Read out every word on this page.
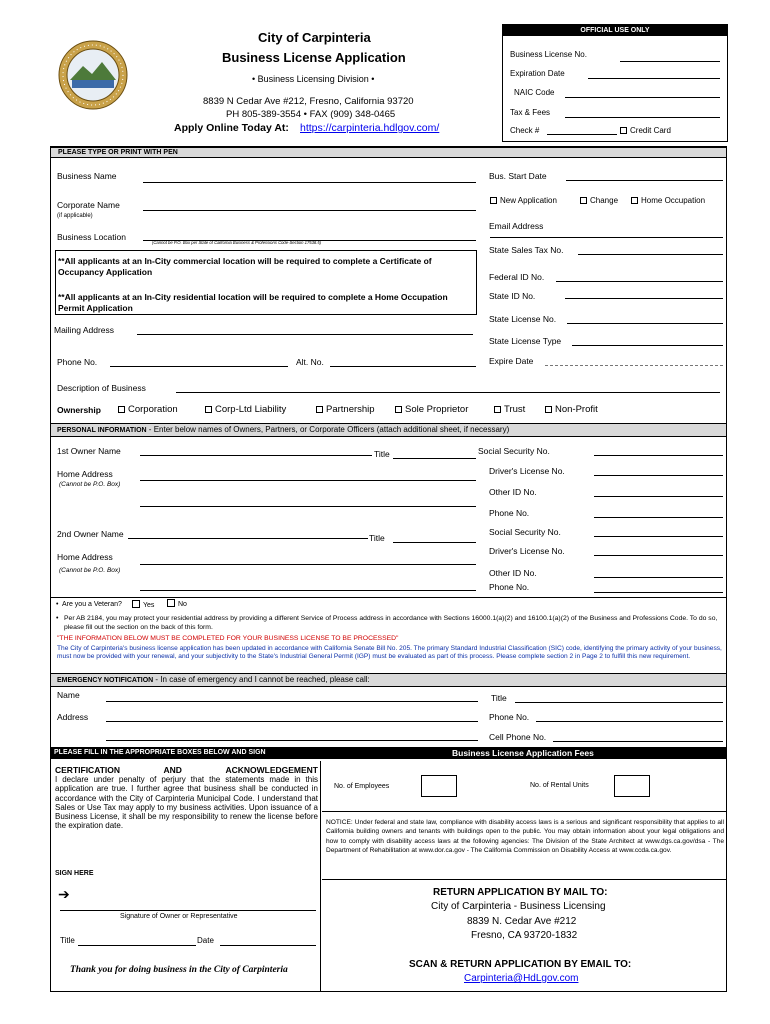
City of Carpinteria
Business License Application
• Business Licensing Division •
8839 N Cedar Ave #212, Fresno, California 93720
PH 805-389-3554 • FAX (909) 348-0465
Apply Online Today At: https://carpinteria.hdlgov.com/
OFFICIAL USE ONLY
Business License No.
Expiration Date
NAIC Code
Tax & Fees
Check #	Credit Card
PLEASE TYPE OR PRINT WITH PEN
Business Name
Corporate Name
(if applicable)
Business Location
(Cannot be P.O. Box per State of California Business & Professions Code-Section 17538.5)
**All applicants at an In-City commercial location will be required to complete a Certificate of Occupancy Application
**All applicants at an In-City residential location will be required to complete a Home Occupation Permit Application
Mailing Address
Phone No.	Alt. No.
Description of Business
Ownership	Corporation	Corp-Ltd Liability	Partnership	Sole Proprietor	Trust	Non-Profit
Bus. Start Date
New Application	Change	Home Occupation
Email Address
State Sales Tax No.
Federal ID No.
State ID No.
State License No.
State License Type
Expire Date
PERSONAL INFORMATION - Enter below names of Owners, Partners, or Corporate Officers (attach additional sheet, if necessary)
1st Owner Name	Title
Home Address
(Cannot be P.O. Box)
2nd Owner Name	Title
Home Address
(Cannot be P.O. Box)
Social Security No.
Driver's License No.
Other ID No.
Phone No.
Social Security No.
Driver's License No.
Other ID No.
Phone No.
•  Are you a Veteran?	Yes	No
• Per AB 2184, you may protect your residential address by providing a different Service of Process address in accordance with Sections 16000.1(a)(2) and 16100.1(a)(2) of the Business and Professions Code. To do so, please fill out the section on the back of this form.
"THE INFORMATION BELOW MUST BE COMPLETED FOR YOUR BUSINESS LICENSE TO BE PROCESSED"
The City of Carpinteria's business license application has been updated in accordance with California Senate Bill No. 205. The primary Standard Industrial Classification (SIC) code, identifying the primary activity of your business, must now be provided with your renewal, and your subjectivity to the State's Industrial General Permit (IGP) must be evaluated as part of this process. Please complete section 2 in Page 2 to fulfill this new requirement.
EMERGENCY NOTIFICATION - In case of emergency and I cannot be reached, please call:
Name	Title
Address	Phone No.
Cell Phone No.
PLEASE FILL IN THE APPROPRIATE BOXES BELOW AND SIGN	Business License Application Fees
CERTIFICATION AND ACKNOWLEDGEMENT
I declare under penalty of perjury that the statements made in this application are true. I further agree that business shall be conducted in accordance with the City of Carpinteria Municipal Code. I understand that Sales or Use Tax may apply to my business activities. Upon issuance of a Business License, it shall be my responsibility to renew the license before the expiration date.
SIGN HERE
➔
Signature of Owner or Representative
Title	Date
Thank you for doing business in the City of Carpinteria
No. of Employees	No. of Rental Units
NOTICE: Under federal and state law, compliance with disability access laws is a serious and significant responsibility that applies to all California building owners and tenants with buildings open to the public. You may obtain information about your legal obligations and how to comply with disability access laws at the following agencies: The Division of the State Architect at www.dgs.ca.gov/dsa - The Department of Rehabilitation at www.dor.ca.gov - The California Commission on Disability Access at www.ccda.ca.gov.
RETURN APPLICATION BY MAIL TO:
City of Carpinteria - Business Licensing
8839 N. Cedar Ave #212
Fresno, CA 93720-1832
SCAN & RETURN APPLICATION BY EMAIL TO:
Carpinteria@HdLgov.com
